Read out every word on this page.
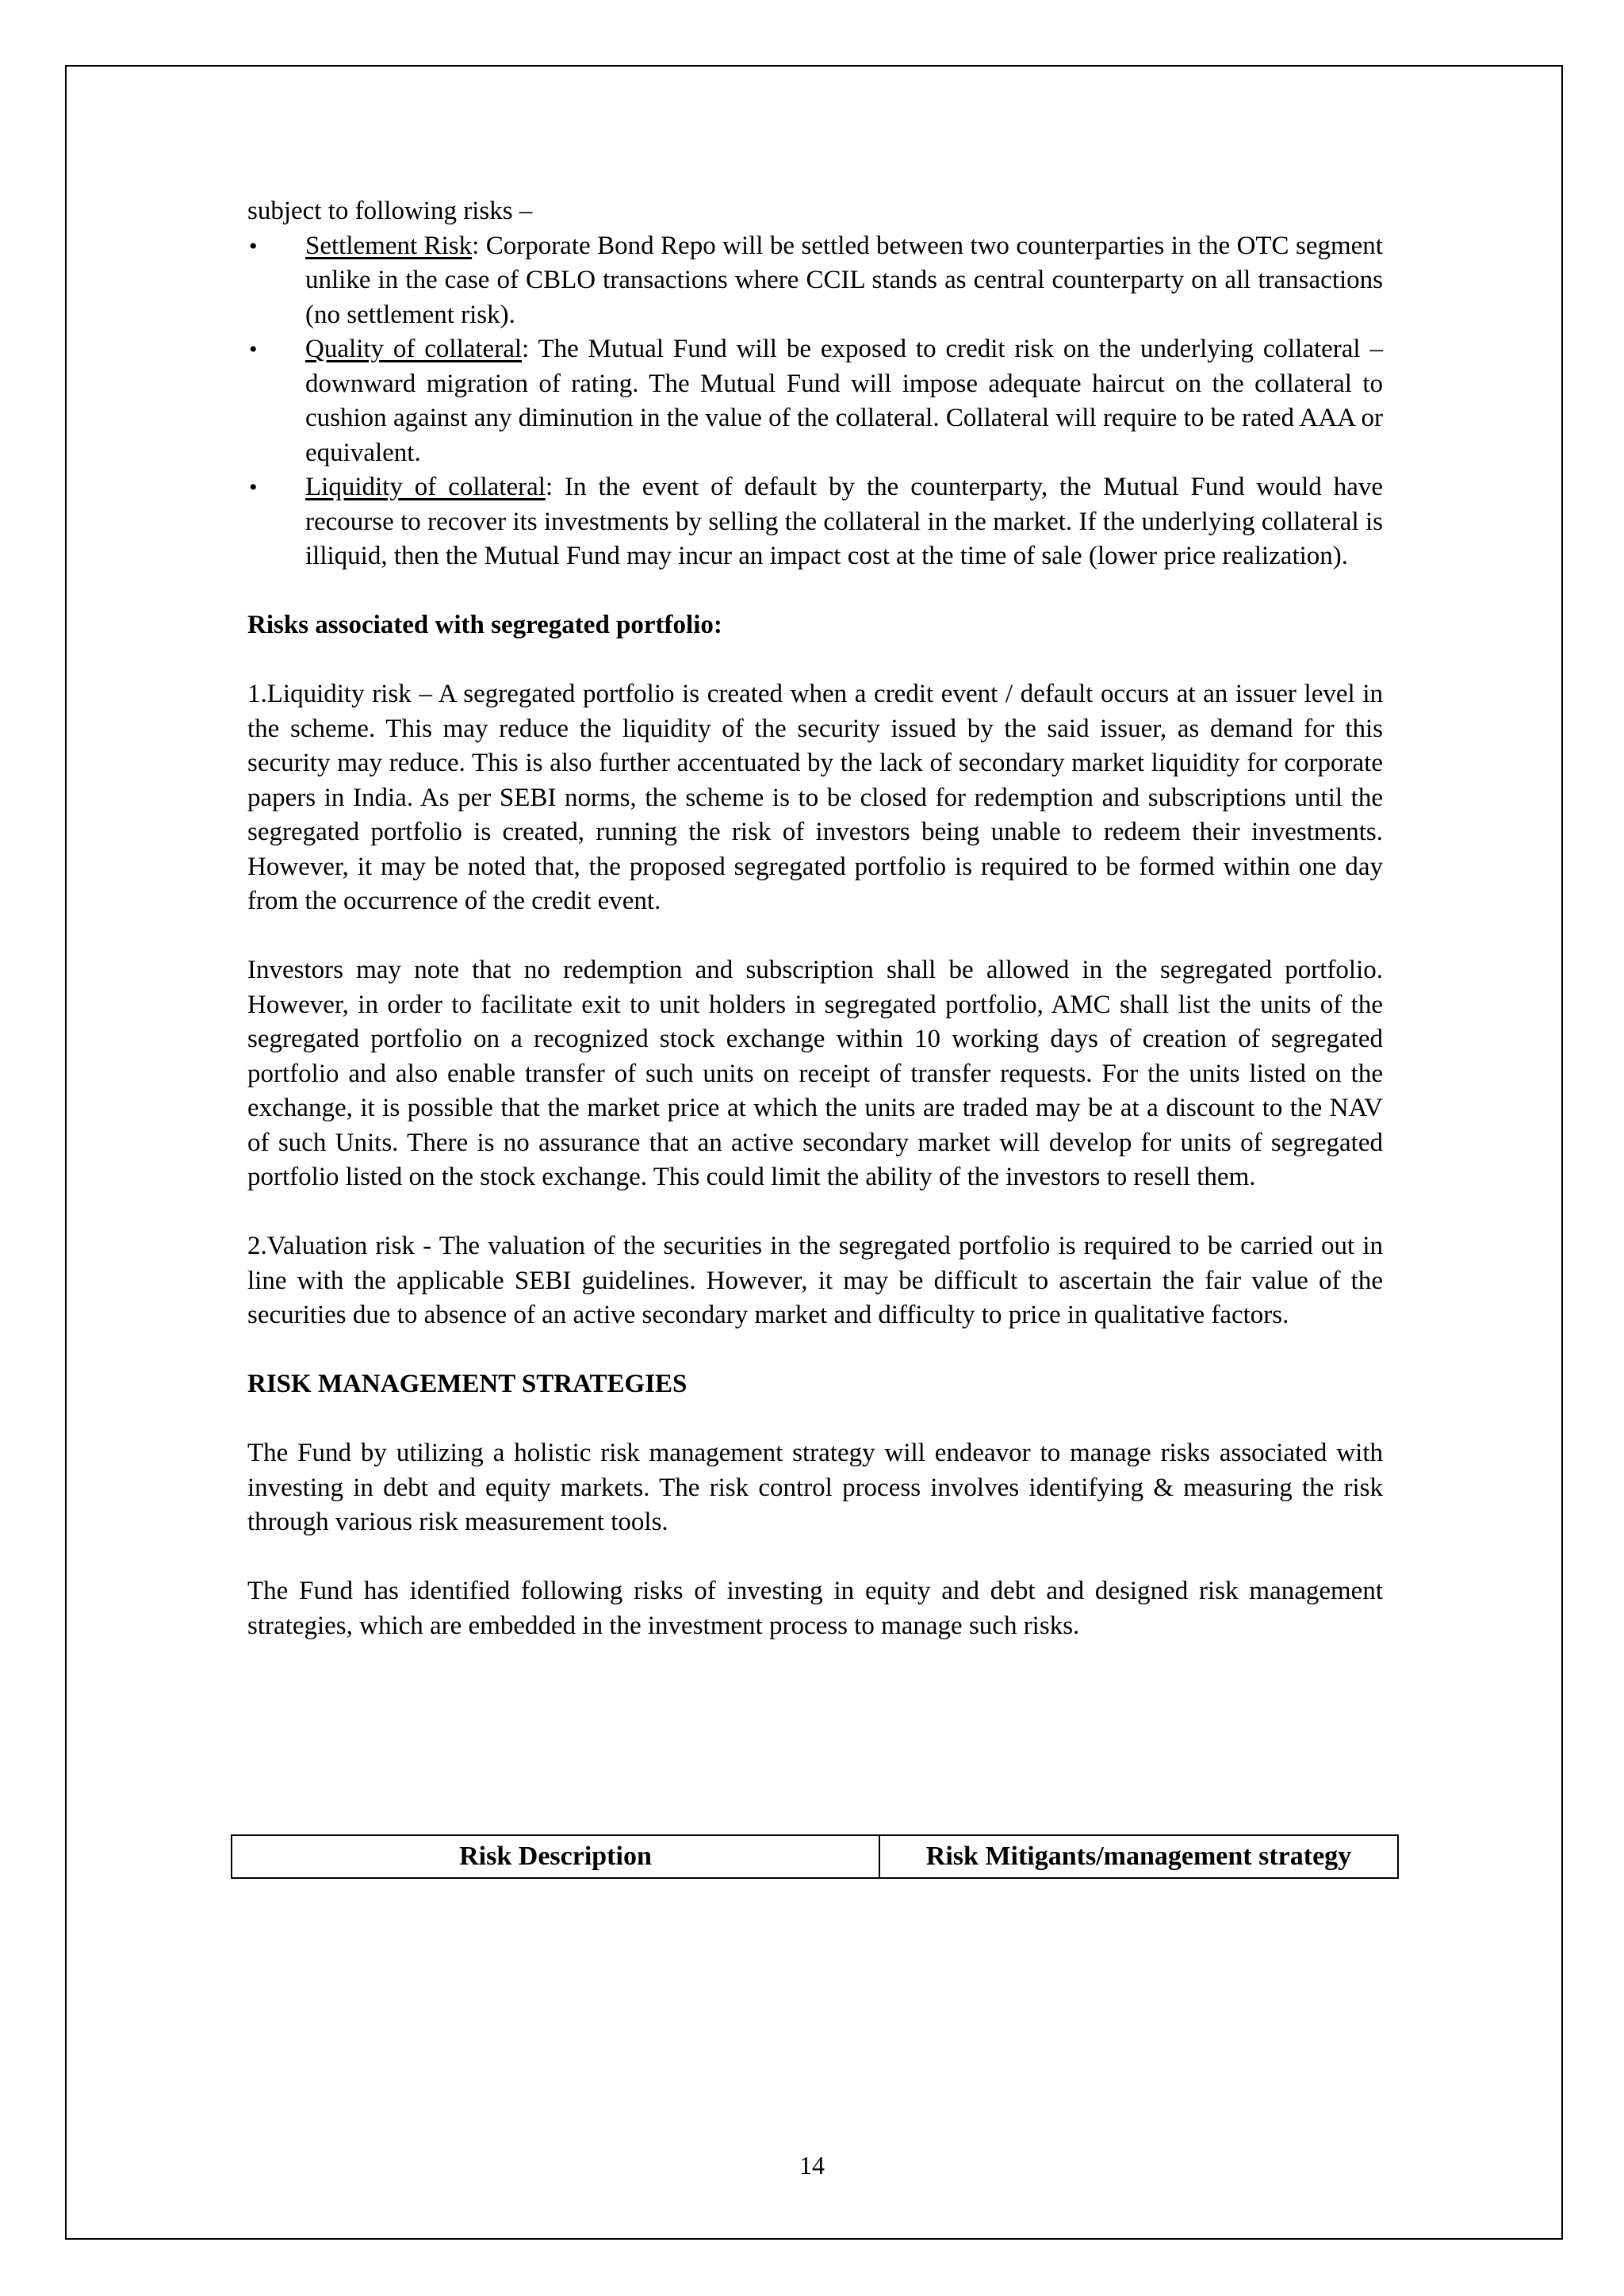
subject to following risks –

•	Settlement Risk: Corporate Bond Repo will be settled between two counterparties in the OTC segment unlike in the case of CBLO transactions where CCIL stands as central counterparty on all transactions (no settlement risk).
•	Quality of collateral: The Mutual Fund will be exposed to credit risk on the underlying collateral – downward migration of rating. The Mutual Fund will impose adequate haircut on the collateral to cushion against any diminution in the value of the collateral. Collateral will require to be rated AAA or equivalent.
•	Liquidity of collateral: In the event of default by the counterparty, the Mutual Fund would have recourse to recover its investments by selling the collateral in the market. If the underlying collateral is illiquid, then the Mutual Fund may incur an impact cost at the time of sale (lower price realization).

Risks associated with segregated portfolio:

1.Liquidity risk – A segregated portfolio is created when a credit event / default occurs at an issuer level in the scheme. This may reduce the liquidity of the security issued by the said issuer, as demand for this security may reduce. This is also further accentuated by the lack of secondary market liquidity for corporate papers in India. As per SEBI norms, the scheme is to be closed for redemption and subscriptions until the segregated portfolio is created, running the risk of investors being unable to redeem their investments. However, it may be noted that, the proposed segregated portfolio is required to be formed within one day from the occurrence of the credit event.

Investors may note that no redemption and subscription shall be allowed in the segregated portfolio. However, in order to facilitate exit to unit holders in segregated portfolio, AMC shall list the units of the segregated portfolio on a recognized stock exchange within 10 working days of creation of segregated portfolio and also enable transfer of such units on receipt of transfer requests. For the units listed on the exchange, it is possible that the market price at which the units are traded may be at a discount to the NAV of such Units. There is no assurance that an active secondary market will develop for units of segregated portfolio listed on the stock exchange. This could limit the ability of the investors to resell them.

2.Valuation risk - The valuation of the securities in the segregated portfolio is required to be carried out in line with the applicable SEBI guidelines. However, it may be difficult to ascertain the fair value of the securities due to absence of an active secondary market and difficulty to price in qualitative factors.

RISK MANAGEMENT STRATEGIES

The Fund by utilizing a holistic risk management strategy will endeavor to manage risks associated with investing in debt and equity markets. The risk control process involves identifying & measuring the risk through various risk measurement tools.

The Fund has identified following risks of investing in equity and debt and designed risk management strategies, which are embedded in the investment process to manage such risks.

Risk Description	Risk Mitigants/management strategy
14
